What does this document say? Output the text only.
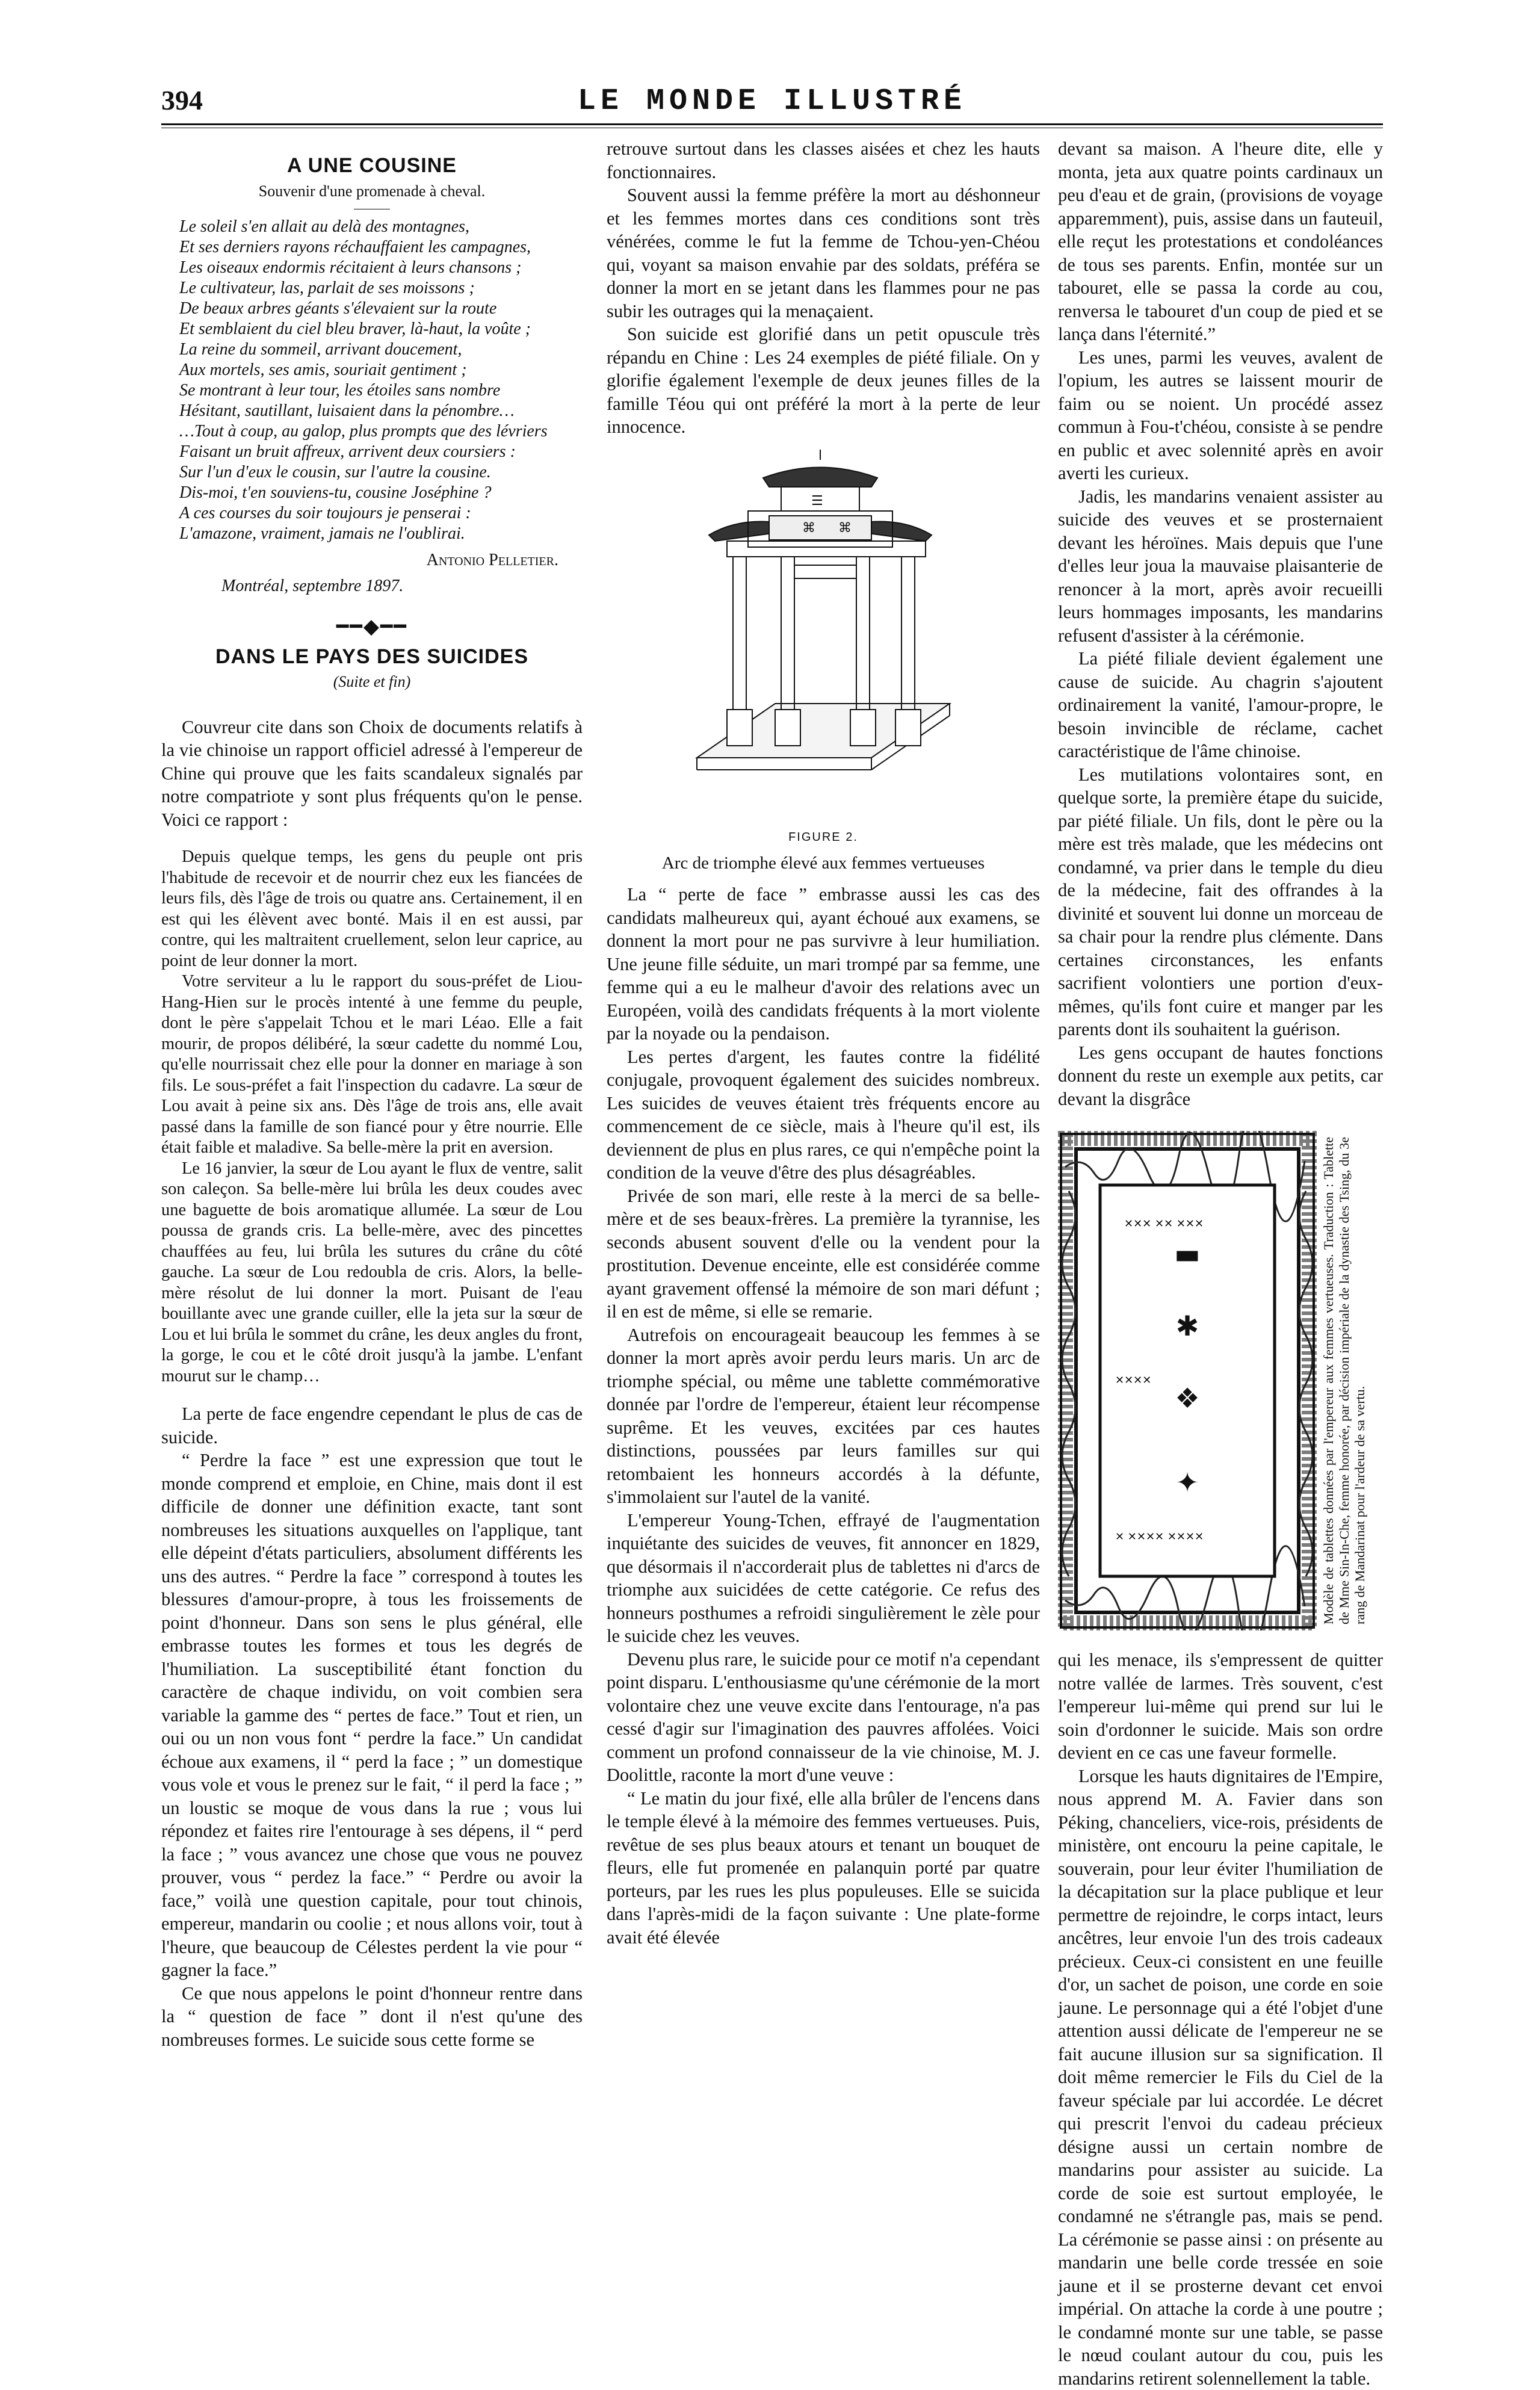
394	LE MONDE ILLUSTRÉ
A UNE COUSINE
Souvenir d'une promenade à cheval.
Le soleil s'en allait au delà des montagnes,
Et ses derniers rayons réchauffaient les campagnes,
Les oiseaux endormis récitaient à leurs chansons ;
Le cultivateur, las, parlait de ses moissons ;
De beaux arbres géants s'élevaient sur la route
Et semblaient du ciel bleu braver, là-haut, la voûte ;
La reine du sommeil, arrivant doucement,
Aux mortels, ses amis, souriait gentiment ;
Se montrant à leur tour, les étoiles sans nombre
Hésitant, sautillant, luisaient dans la pénombre…
…Tout à coup, au galop, plus prompts que des lévriers
Faisant un bruit affreux, arrivent deux coursiers :
Sur l'un d'eux le cousin, sur l'autre la cousine.
Dis-moi, t'en souviens-tu, cousine Joséphine ?
A ces courses du soir toujours je penserai :
L'amazone, vraiment, jamais ne l'oublirai.
Antonio Pelletier.
Montréal, septembre 1897.
━━◆━━
DANS LE PAYS DES SUICIDES
(Suite et fin)

Couvreur cite dans son Choix de documents relatifs à la vie chinoise un rapport officiel adressé à l'empereur de Chine qui prouve que les faits scandaleux signalés par notre compatriote y sont plus fréquents qu'on le pense. Voici ce rapport :

Depuis quelque temps, les gens du peuple ont pris l'habitude de recevoir et de nourrir chez eux les fiancées de leurs fils, dès l'âge de trois ou quatre ans. Certainement, il en est qui les élèvent avec bonté. Mais il en est aussi, par contre, qui les maltraitent cruellement, selon leur caprice, au point de leur donner la mort.

Votre serviteur a lu le rapport du sous-préfet de Liou-Hang-Hien sur le procès intenté à une femme du peuple, dont le père s'appelait Tchou et le mari Léao. Elle a fait mourir, de propos délibéré, la sœur cadette du nommé Lou, qu'elle nourrissait chez elle pour la donner en mariage à son fils. Le sous-préfet a fait l'inspection du cadavre. La sœur de Lou avait à peine six ans. Dès l'âge de trois ans, elle avait passé dans la famille de son fiancé pour y être nourrie. Elle était faible et maladive. Sa belle-mère la prit en aversion.

Le 16 janvier, la sœur de Lou ayant le flux de ventre, salit son caleçon. Sa belle-mère lui brûla les deux coudes avec une baguette de bois aromatique allumée. La sœur de Lou poussa de grands cris. La belle-mère, avec des pincettes chauffées au feu, lui brûla les sutures du crâne du côté gauche. La sœur de Lou redoubla de cris. Alors, la belle-mère résolut de lui donner la mort. Puisant de l'eau bouillante avec une grande cuiller, elle la jeta sur la sœur de Lou et lui brûla le sommet du crâne, les deux angles du front, la gorge, le cou et le côté droit jusqu'à la jambe. L'enfant mourut sur le champ…

La perte de face engendre cependant le plus de cas de suicide.

“ Perdre la face ” est une expression que tout le monde comprend et emploie, en Chine, mais dont il est difficile de donner une définition exacte, tant sont nombreuses les situations auxquelles on l'applique, tant elle dépeint d'états particuliers, absolument différents les uns des autres. “ Perdre la face ” correspond à toutes les blessures d'amour-propre, à tous les froissements de point d'honneur. Dans son sens le plus général, elle embrasse toutes les formes et tous les degrés de l'humiliation. La susceptibilité étant fonction du caractère de chaque individu, on voit combien sera variable la gamme des “ pertes de face.” Tout et rien, un oui ou un non vous font “ perdre la face.” Un candidat échoue aux examens, il “ perd la face ; ” un domestique vous vole et vous le prenez sur le fait, “ il perd la face ; ” un loustic se moque de vous dans la rue ; vous lui répondez et faites rire l'entourage à ses dépens, il “ perd la face ; ” vous avancez une chose que vous ne pouvez prouver, vous “ perdez la face.” “ Perdre ou avoir la face,” voilà une question capitale, pour tout chinois, empereur, mandarin ou coolie ; et nous allons voir, tout à l'heure, que beaucoup de Célestes perdent la vie pour “ gagner la face.”

Ce que nous appelons le point d'honneur rentre dans la “ question de face ” dont il n'est qu'une des nombreuses formes. Le suicide sous cette forme se

retrouve surtout dans les classes aisées et chez les hauts fonctionnaires.

Souvent aussi la femme préfère la mort au déshonneur et les femmes mortes dans ces conditions sont très vénérées, comme le fut la femme de Tchou-yen-Chéou qui, voyant sa maison envahie par des soldats, préféra se donner la mort en se jetant dans les flammes pour ne pas subir les outrages qui la menaçaient.

Son suicide est glorifié dans un petit opuscule très répandu en Chine : Les 24 exemples de piété filiale. On y glorifie également l'exemple de deux jeunes filles de la famille Téou qui ont préféré la mort à la perte de leur innocence.

☰
⌘ ⌘
FIGURE 2.
Arc de triomphe élevé aux femmes vertueuses

La “ perte de face ” embrasse aussi les cas des candidats malheureux qui, ayant échoué aux examens, se donnent la mort pour ne pas survivre à leur humiliation. Une jeune fille séduite, un mari trompé par sa femme, une femme qui a eu le malheur d'avoir des relations avec un Européen, voilà des candidats fréquents à la mort violente par la noyade ou la pendaison.

Les pertes d'argent, les fautes contre la fidélité conjugale, provoquent également des suicides nombreux. Les suicides de veuves étaient très fréquents encore au commencement de ce siècle, mais à l'heure qu'il est, ils deviennent de plus en plus rares, ce qui n'empêche point la condition de la veuve d'être des plus désagréables.

Privée de son mari, elle reste à la merci de sa belle-mère et de ses beaux-frères. La première la tyrannise, les seconds abusent souvent d'elle ou la vendent pour la prostitution. Devenue enceinte, elle est considérée comme ayant gravement offensé la mémoire de son mari défunt ; il en est de même, si elle se remarie.

Autrefois on encourageait beaucoup les femmes à se donner la mort après avoir perdu leurs maris. Un arc de triomphe spécial, ou même une tablette commémorative donnée par l'ordre de l'empereur, étaient leur récompense suprême. Et les veuves, excitées par ces hautes distinctions, poussées par leurs familles sur qui retombaient les honneurs accordés à la défunte, s'immolaient sur l'autel de la vanité.

L'empereur Young-Tchen, effrayé de l'augmentation inquiétante des suicides de veuves, fit annoncer en 1829, que désormais il n'accorderait plus de tablettes ni d'arcs de triomphe aux suicidées de cette catégorie. Ce refus des honneurs posthumes a refroidi singulièrement le zèle pour le suicide chez les veuves.

Devenu plus rare, le suicide pour ce motif n'a cependant point disparu. L'enthousiasme qu'une cérémonie de la mort volontaire chez une veuve excite dans l'entourage, n'a pas cessé d'agir sur l'imagination des pauvres affolées. Voici comment un profond connaisseur de la vie chinoise, M. J. Doolittle, raconte la mort d'une veuve :

“ Le matin du jour fixé, elle alla brûler de l'encens dans le temple élevé à la mémoire des femmes vertueuses. Puis, revêtue de ses plus beaux atours et tenant un bouquet de fleurs, elle fut promenée en palanquin porté par quatre porteurs, par les rues les plus populeuses. Elle se suicida dans l'après-midi de la façon suivante : Une plate-forme avait été élevée

devant sa maison. A l'heure dite, elle y monta, jeta aux quatre points cardinaux un peu d'eau et de grain, (provisions de voyage apparemment), puis, assise dans un fauteuil, elle reçut les protestations et condoléances de tous ses parents. Enfin, montée sur un tabouret, elle se passa la corde au cou, renversa le tabouret d'un coup de pied et se lança dans l'éternité.”

Les unes, parmi les veuves, avalent de l'opium, les autres se laissent mourir de faim ou se noient. Un procédé assez commun à Fou-t'chéou, consiste à se pendre en public et avec solennité après en avoir averti les curieux.

Jadis, les mandarins venaient assister au suicide des veuves et se prosternaient devant les héroïnes. Mais depuis que l'une d'elles leur joua la mauvaise plaisanterie de renoncer à la mort, après avoir recueilli leurs hommages imposants, les mandarins refusent d'assister à la cérémonie.

La piété filiale devient également une cause de suicide. Au chagrin s'ajoutent ordinairement la vanité, l'amour-propre, le besoin invincible de réclame, cachet caractéristique de l'âme chinoise.

Les mutilations volontaires sont, en quelque sorte, la première étape du suicide, par piété filiale. Un fils, dont le père ou la mère est très malade, que les médecins ont condamné, va prier dans le temple du dieu de la médecine, fait des offrandes à la divinité et souvent lui donne un morceau de sa chair pour la rendre plus clémente. Dans certaines circonstances, les enfants sacrifient volontiers une portion d'eux-mêmes, qu'ils font cuire et manger par les parents dont ils souhaitent la guérison.

Les gens occupant de hautes fonctions donnent du reste un exemple aux petits, car devant la disgrâce

▬
✱
❖
✦
✕✕✕ ✕✕ ✕✕✕
✕✕✕✕
✕ ✕✕✕✕ ✕✕✕✕	Modèle de tablettes données par l'empereur aux femmes vertueuses. Traduction : Tablette de Mme Sin-In-Che, femme honorée, par décision impériale de la dynastie des Tsing, du 3e rang de Mandarinat pour l'ardeur de sa vertu.

qui les menace, ils s'empressent de quitter notre vallée de larmes. Très souvent, c'est l'empereur lui-même qui prend sur lui le soin d'ordonner le suicide. Mais son ordre devient en ce cas une faveur formelle.

Lorsque les hauts dignitaires de l'Empire, nous apprend M. A. Favier dans son Péking, chanceliers, vice-rois, présidents de ministère, ont encouru la peine capitale, le souverain, pour leur éviter l'humiliation de la décapitation sur la place publique et leur permettre de rejoindre, le corps intact, leurs ancêtres, leur envoie l'un des trois cadeaux précieux. Ceux-ci consistent en une feuille d'or, un sachet de poison, une corde en soie jaune. Le personnage qui a été l'objet d'une attention aussi délicate de l'empereur ne se fait aucune illusion sur sa signification. Il doit même remercier le Fils du Ciel de la faveur spéciale par lui accordée. Le décret qui prescrit l'envoi du cadeau précieux désigne aussi un certain nombre de mandarins pour assister au suicide. La corde de soie est surtout employée, le condamné ne s'étrangle pas, mais se pend. La cérémonie se passe ainsi : on présente au mandarin une belle corde tressée en soie jaune et il se prosterne devant cet envoi impérial. On attache la corde à une poutre ; le condamné monte sur une table, se passe le nœud coulant autour du cou, puis les mandarins retirent solennellement la table.
